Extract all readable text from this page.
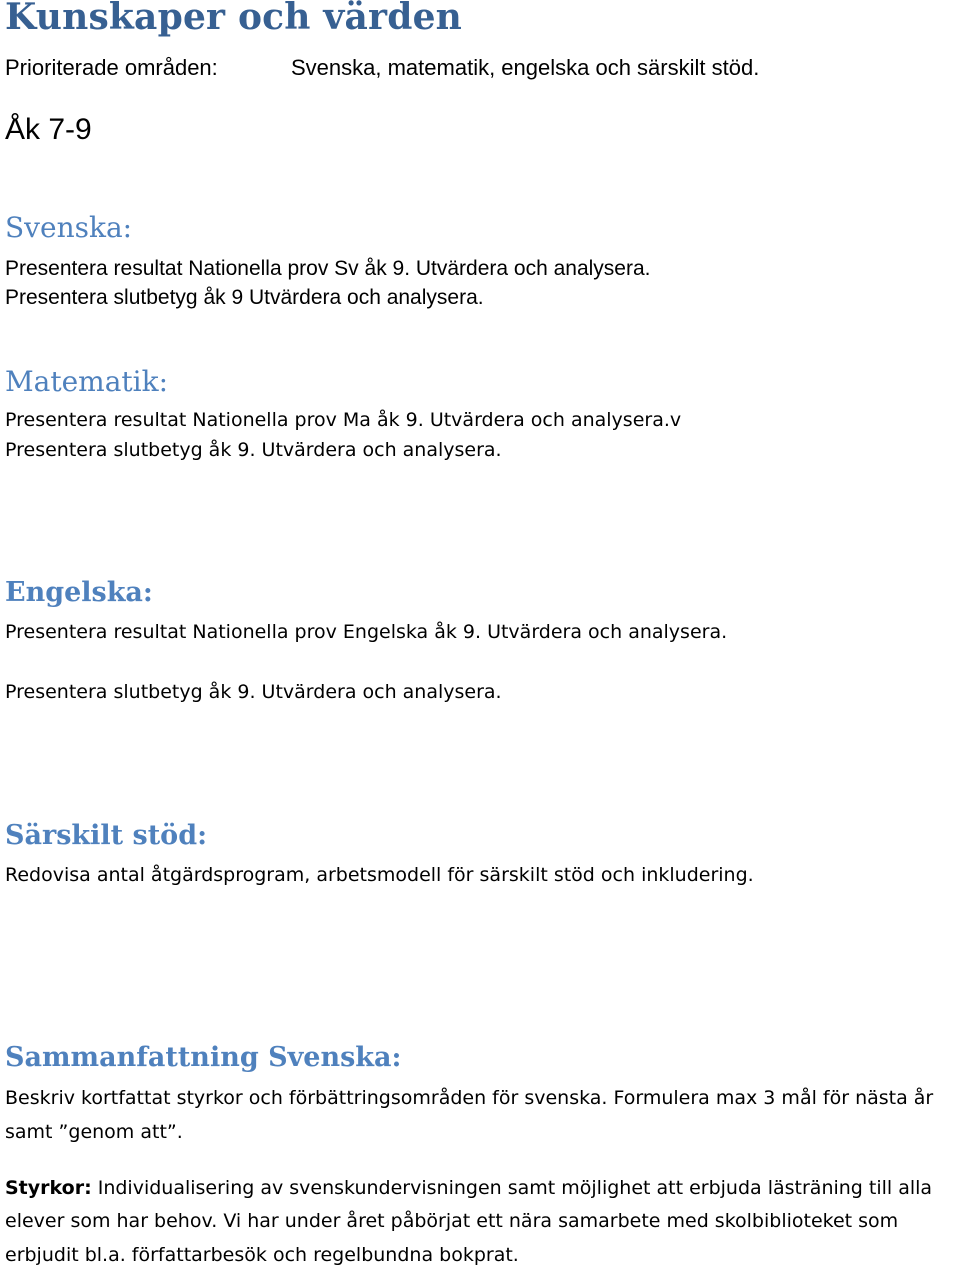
Kunskaper och värden
Prioriterade områden:	Svenska, matematik, engelska och särskilt stöd.
Åk 7-9
Svenska:
Presentera resultat Nationella prov Sv åk 9. Utvärdera och analysera.
Presentera slutbetyg åk 9 Utvärdera och analysera.
Matematik:
Presentera resultat Nationella prov Ma åk 9. Utvärdera och analysera.v
Presentera slutbetyg åk 9. Utvärdera och analysera.
Engelska:
Presentera resultat Nationella prov Engelska åk 9. Utvärdera och analysera.
Presentera slutbetyg åk 9. Utvärdera och analysera.
Särskilt stöd:
Redovisa antal åtgärdsprogram, arbetsmodell för särskilt stöd och inkludering.
Sammanfattning Svenska:
Beskriv kortfattat styrkor och förbättringsområden för svenska. Formulera max 3 mål för nästa år
samt ”genom att”.
Styrkor: Individualisering av svenskundervisningen samt möjlighet att erbjuda lästräning till alla
elever som har behov. Vi har under året påbörjat ett nära samarbete med skolbiblioteket som
erbjudit bl.a. författarbesök och regelbundna bokprat.
